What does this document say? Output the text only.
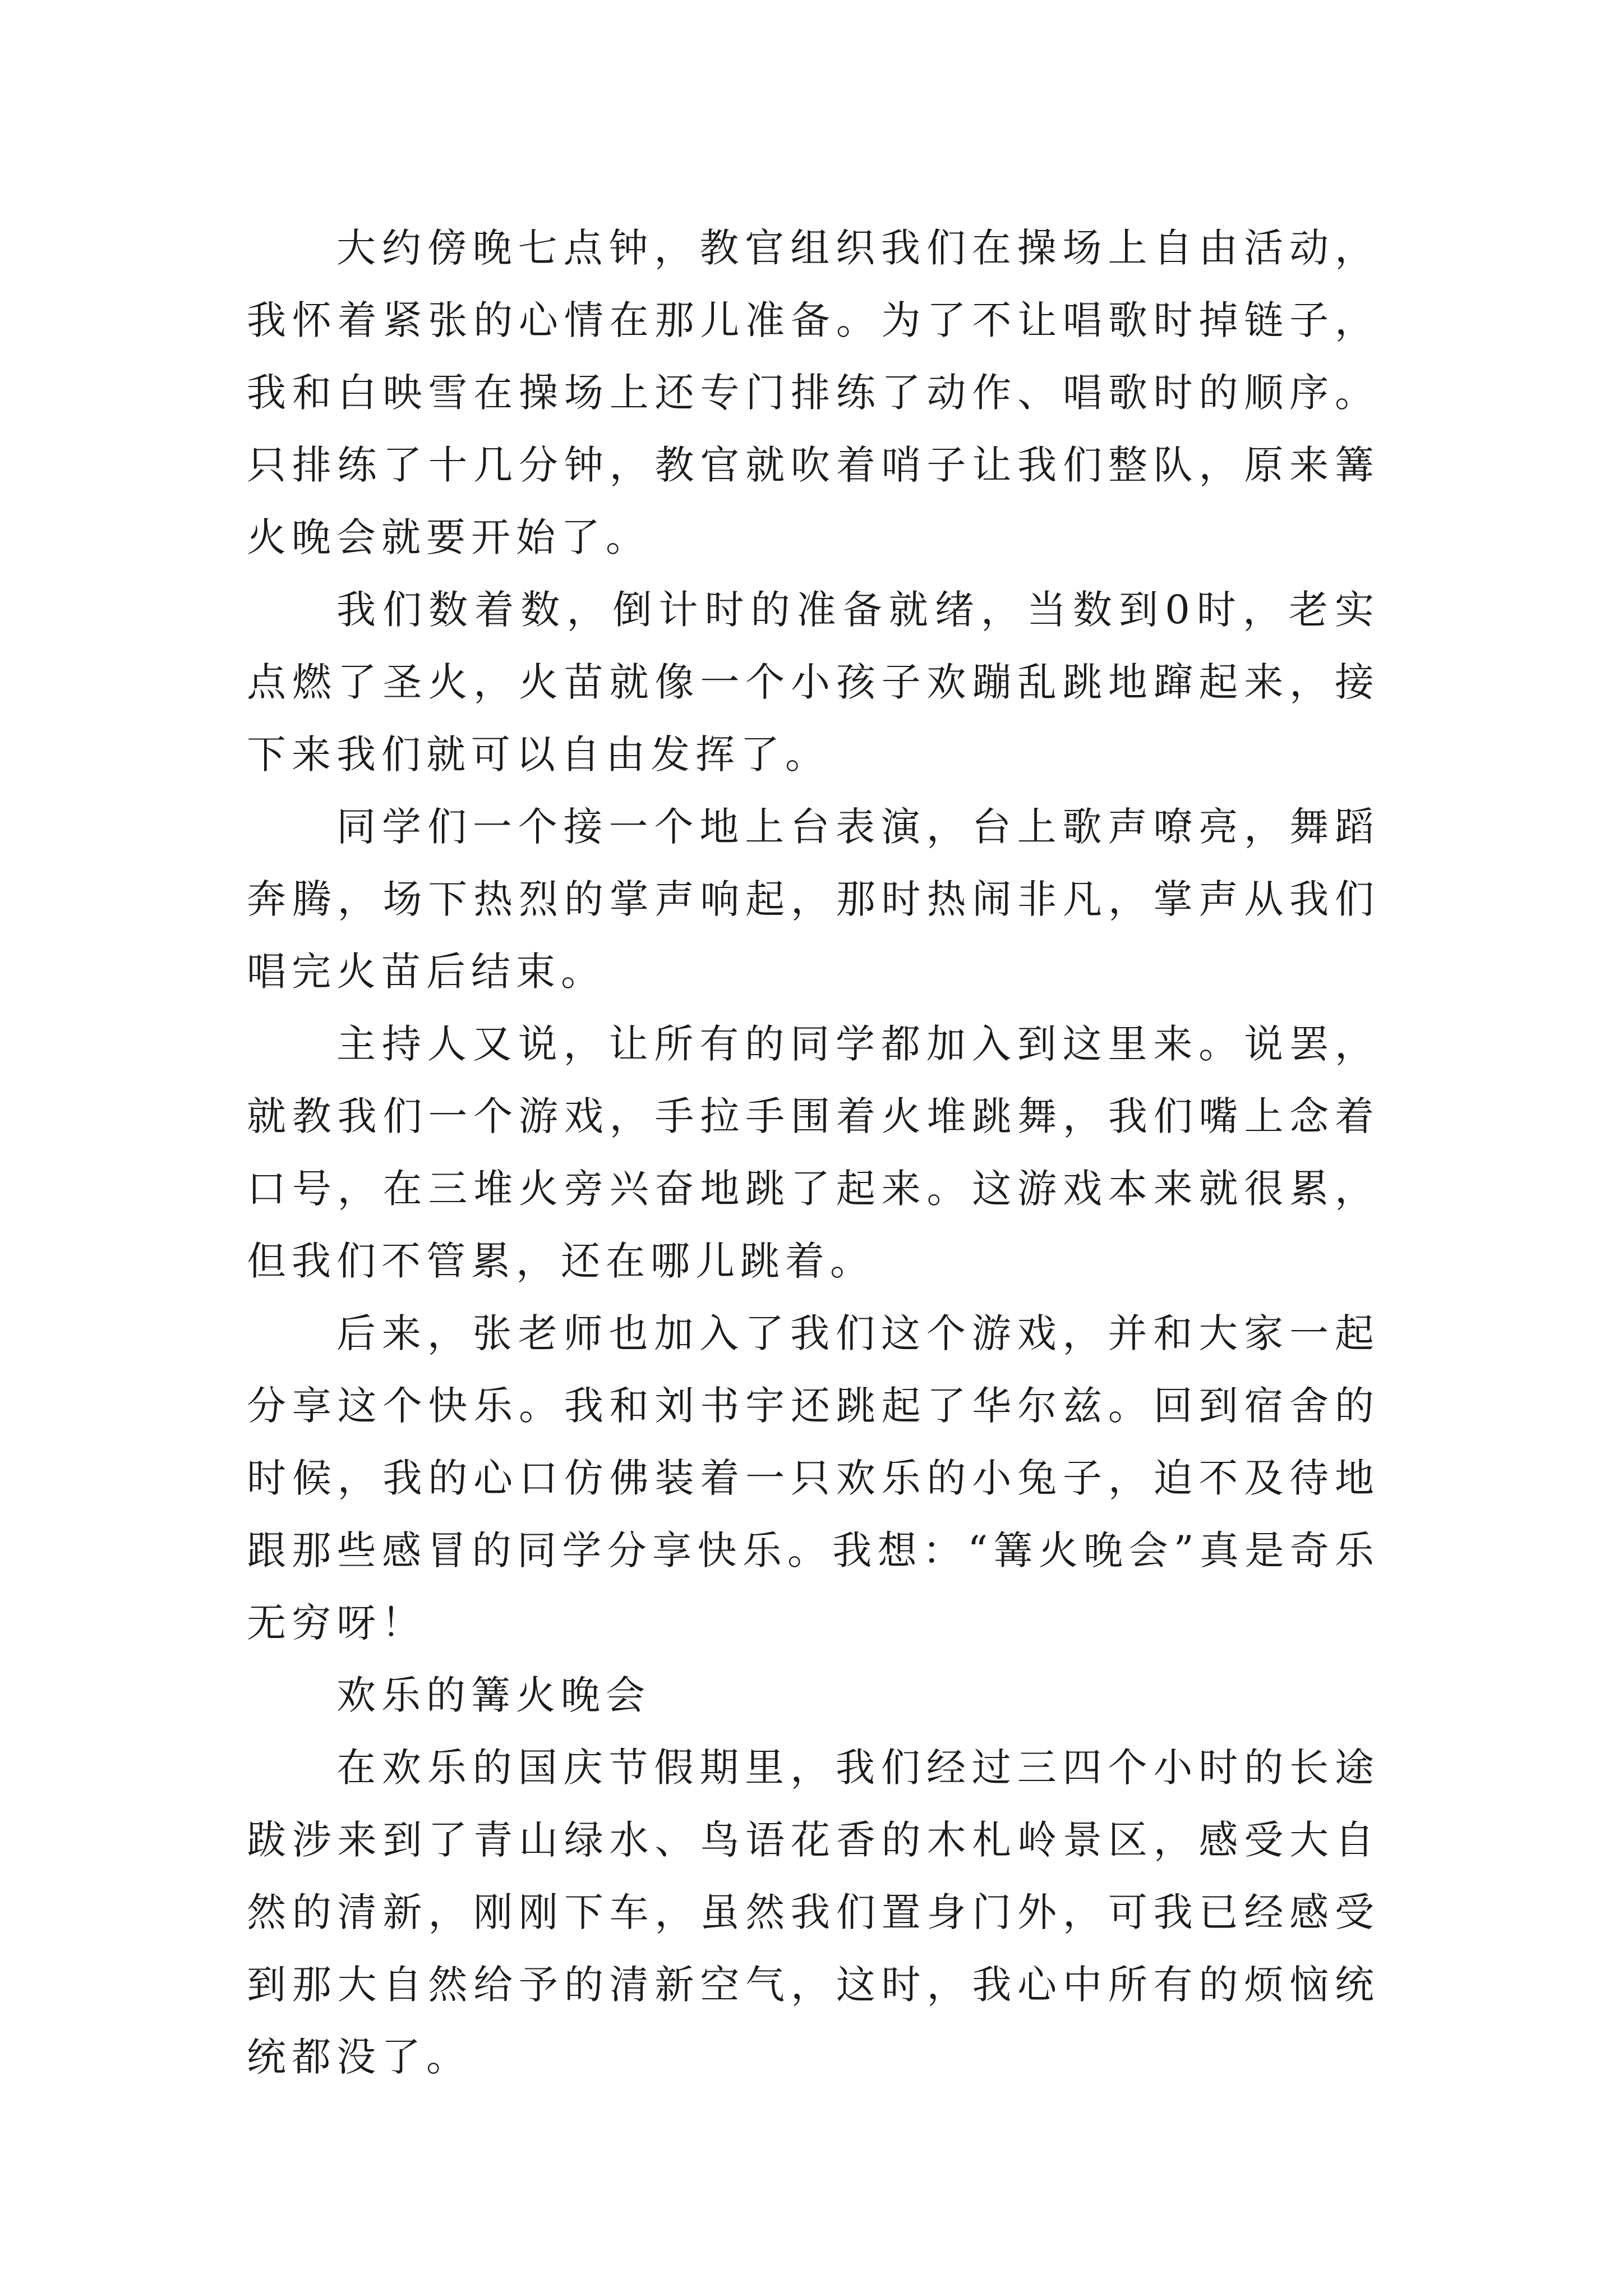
大约傍晚七点钟，教官组织我们在操场上自由活动，我怀着紧张的心情在那儿准备。为了不让唱歌时掉链子，我和白映雪在操场上还专门排练了动作、唱歌时的顺序。只排练了十几分钟，教官就吹着哨子让我们整队，原来篝火晚会就要开始了。

我们数着数，倒计时的准备就绪，当数到0时，老实点燃了圣火，火苗就像一个小孩子欢蹦乱跳地蹿起来，接下来我们就可以自由发挥了。

同学们一个接一个地上台表演，台上歌声嘹亮，舞蹈奔腾，场下热烈的掌声响起，那时热闹非凡，掌声从我们唱完火苗后结束。

主持人又说，让所有的同学都加入到这里来。说罢，就教我们一个游戏，手拉手围着火堆跳舞，我们嘴上念着口号，在三堆火旁兴奋地跳了起来。这游戏本来就很累，但我们不管累，还在哪儿跳着。

后来，张老师也加入了我们这个游戏，并和大家一起分享这个快乐。我和刘书宇还跳起了华尔兹。回到宿舍的时候，我的心口仿佛装着一只欢乐的小兔子，迫不及待地跟那些感冒的同学分享快乐。我想：“篝火晚会”真是奇乐无穷呀！

欢乐的篝火晚会

在欢乐的国庆节假期里，我们经过三四个小时的长途跋涉来到了青山绿水、鸟语花香的木札岭景区，感受大自然的清新，刚刚下车，虽然我们置身门外，可我已经感受到那大自然给予的清新空气，这时，我心中所有的烦恼统统都没了。
